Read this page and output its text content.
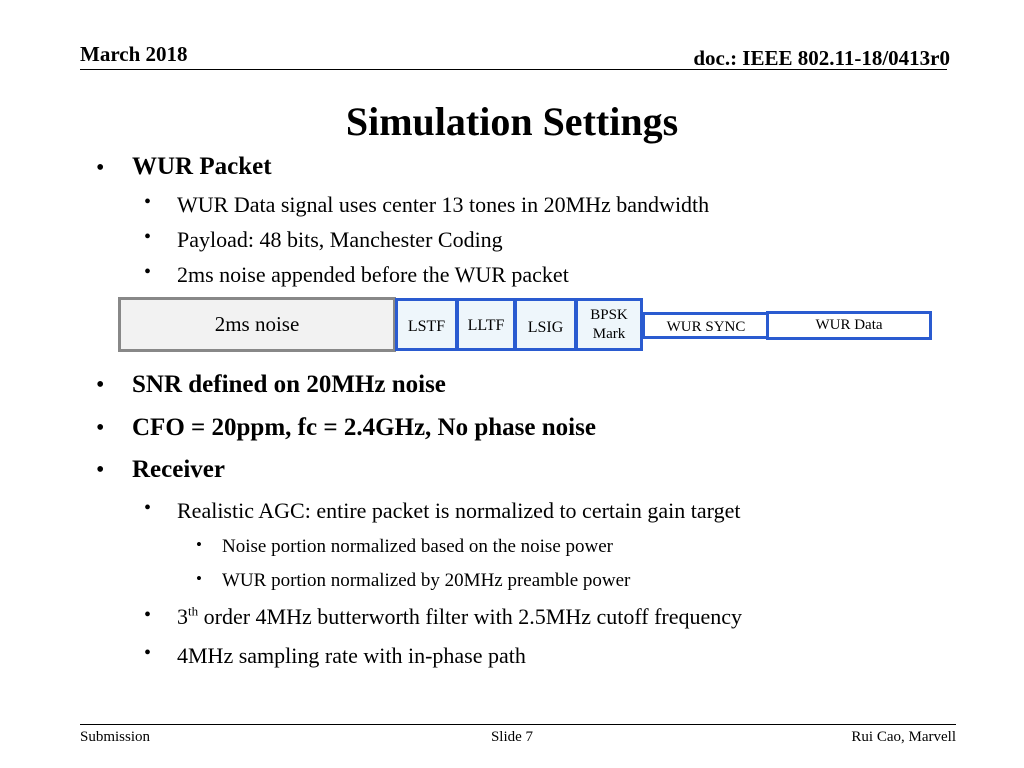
March 2018	doc.: IEEE 802.11-18/0413r0
Simulation Settings
• WUR Packet
• WUR Data signal uses center 13 tones in 20MHz bandwidth
• Payload: 48 bits, Manchester Coding
• 2ms noise appended before the WUR packet
2ms noise	LSTF LLTF LSIG
BPSK
Mark	WUR SYNC	WUR Data
• SNR defined on 20MHz noise
• CFO = 20ppm, fc = 2.4GHz, No phase noise
• Receiver
• Realistic AGC: entire packet is normalized to certain gain target
• Noise portion normalized based on the noise power
• WUR portion normalized by 20MHz preamble power
• 3th order 4MHz butterworth filter with 2.5MHz cutoff frequency
• 4MHz sampling rate with in-phase path
Submission	Slide 7	Rui Cao, Marvell
